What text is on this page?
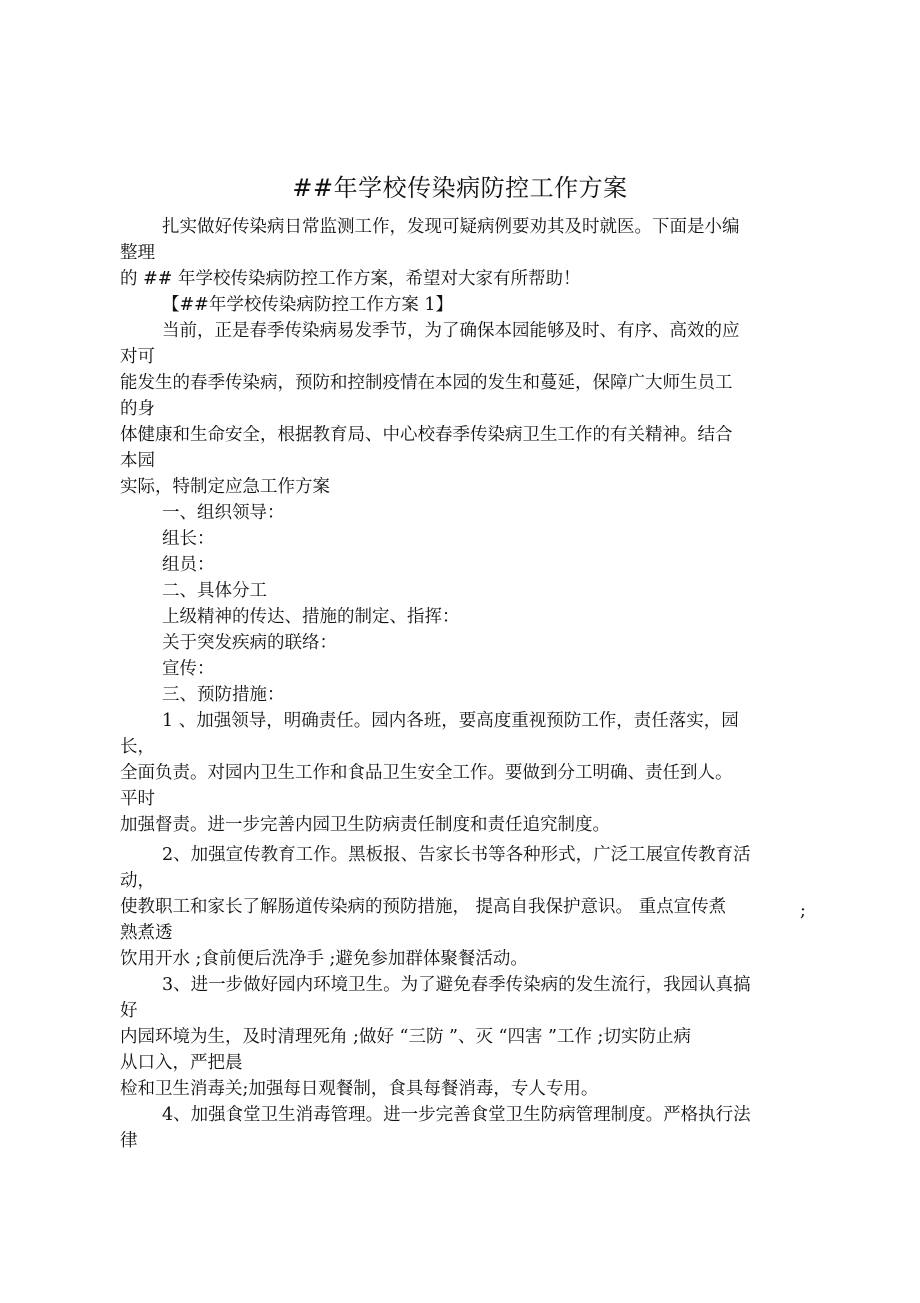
##年学校传染病防控工作方案
扎实做好传染病日常监测工作，发现可疑病例要劝其及时就医。下面是小编
整理
的 ## 年学校传染病防控工作方案，希望对大家有所帮助！
【##年学校传染病防控工作方案 1】
当前，正是春季传染病易发季节，为了确保本园能够及时、有序、高效的应
对可
能发生的春季传染病，预防和控制疫情在本园的发生和蔓延，保障广大师生员工
的身
体健康和生命安全，根据教育局、中心校春季传染病卫生工作的有关精神。结合
本园
实际，特制定应急工作方案
一、组织领导：
组长：
组员：
二、具体分工
上级精神的传达、措施的制定、指挥：
关于突发疾病的联络：
宣传：
三、预防措施：
1 、加强领导，明确责任。园内各班，要高度重视预防工作，责任落实，园
长，
全面负责。对园内卫生工作和食品卫生安全工作。要做到分工明确、责任到人。
平时
加强督责。进一步完善内园卫生防病责任制度和责任追究制度。
2、加强宣传教育工作。黑板报、告家长书等各种形式，广泛工展宣传教育活
动，
使教职工和家长了解肠道传染病的预防措施， 提高自我保护意识。 重点宣传煮
熟煮透
;
饮用开水 ;食前便后洗净手 ;避免参加群体聚餐活动。
3、进一步做好园内环境卫生。为了避免春季传染病的发生流行，我园认真搞
好
内园环境为生，及时清理死角 ;做好 “三防 ”、灭 “四害 ”工作 ;切实防止病
从口入，严把晨
检和卫生消毒关;加强每日观餐制，食具每餐消毒，专人专用。
4、加强食堂卫生消毒管理。进一步完善食堂卫生防病管理制度。严格执行法
律
